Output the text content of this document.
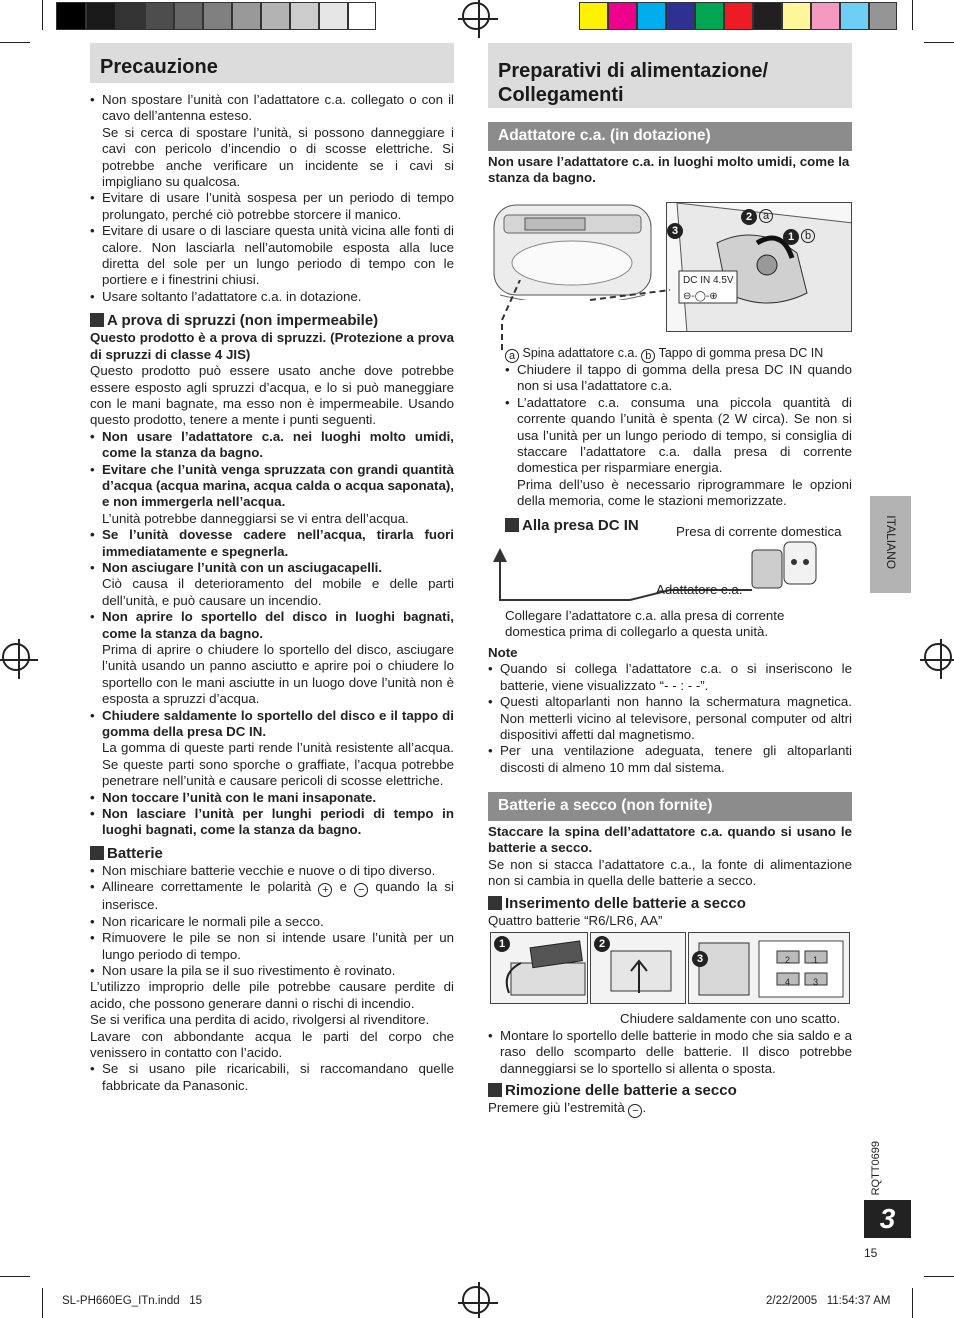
Precauzione
• Non spostare l’unità con l’adattatore c.a. collegato o con il cavo dell’antenna esteso.
Se si cerca di spostare l’unità, si possono danneggiare i cavi con pericolo d’incendio o di scosse elettriche. Si potrebbe anche verificare un incidente se i cavi si impigliano su qualcosa.
• Evitare di usare l’unità sospesa per un periodo di tempo prolungato, perché ciò potrebbe storcere il manico.
• Evitare di usare o di lasciare questa unità vicina alle fonti di calore. Non lasciarla nell’automobile esposta alla luce diretta del sole per un lungo periodo di tempo con le portiere e i finestrini chiusi.
• Usare soltanto l’adattatore c.a. in dotazione.
A prova di spruzzi (non impermeabile)

Questo prodotto è a prova di spruzzi. (Protezione a prova di spruzzi di classe 4 JIS)

Questo prodotto può essere usato anche dove potrebbe essere esposto agli spruzzi d’acqua, e lo si può maneggiare con le mani bagnate, ma esso non è impermeabile. Usando questo prodotto, tenere a mente i punti seguenti.

• Non usare l’adattatore c.a. nei luoghi molto umidi, come la stanza da bagno.
• Evitare che l’unità venga spruzzata con grandi quantità d’acqua (acqua marina, acqua calda o acqua saponata), e non immergerla nell’acqua.
L’unità potrebbe danneggiarsi se vi entra dell’acqua.
• Se l’unità dovesse cadere nell’acqua, tirarla fuori immediatamente e spegnerla.
• Non asciugare l’unità con un asciugacapelli.
Ciò causa il deterioramento del mobile e delle parti dell’unità, e può causare un incendio.
• Non aprire lo sportello del disco in luoghi bagnati, come la stanza da bagno.
Prima di aprire o chiudere lo sportello del disco, asciugare l’unità usando un panno asciutto e aprire poi o chiudere lo sportello con le mani asciutte in un luogo dove l’unità non è esposta a spruzzi d’acqua.
• Chiudere saldamente lo sportello del disco e il tappo di gomma della presa DC IN.
La gomma di queste parti rende l’unità resistente all’acqua. Se queste parti sono sporche o graffiate, l’acqua potrebbe penetrare nell’unità e causare pericoli di scosse elettriche.
• Non toccare l’unità con le mani insaponate.
• Non lasciare l’unità per lunghi periodi di tempo in luoghi bagnati, come la stanza da bagno.
Batterie
• Non mischiare batterie vecchie e nuove o di tipo diverso.
• Allineare correttamente le polarità + e − quando la si inserisce.
• Non ricaricare le normali pile a secco.
• Rimuovere le pile se non si intende usare l’unità per un lungo periodo di tempo.
• Non usare la pila se il suo rivestimento è rovinato.

L’utilizzo improprio delle pile potrebbe causare perdite di acido, che possono generare danni o rischi di incendio.

Se si verifica una perdita di acido, rivolgersi al rivenditore.

Lavare con abbondante acqua le parti del corpo che venissero in contatto con l’acido.

• Se si usano pile ricaricabili, si raccomandano quelle fabbricate da Panasonic.
Preparativi di alimentazione/ Collegamenti
Adattatore c.a. (in dotazione)

Non usare l’adattatore c.a. in luoghi molto umidi, come la stanza da bagno.

DC IN 4.5V
⊖-◯-⊕
2 a
3	1 b
a Spina adattatore c.a. b Tappo di gomma presa DC IN
• Chiudere il tappo di gomma della presa DC IN quando non si usa l’adattatore c.a.
• L’adattatore c.a. consuma una piccola quantità di corrente quando l’unità è spenta (2 W circa). Se non si usa l’unità per un lungo periodo di tempo, si consiglia di staccare l’adattatore c.a. dalla presa di corrente domestica per risparmiare energia.
Prima dell’uso è necessario riprogrammare le opzioni della memoria, come le stazioni memorizzate.
Alla presa DC IN	Presa di corrente domestica
Adattatore c.a.

Collegare l’adattatore c.a. alla presa di corrente domestica prima di collegarlo a questa unità.

Note

• Quando si collega l’adattatore c.a. o si inseriscono le batterie, viene visualizzato “- - : - -”.
• Questi altoparlanti non hanno la schermatura magnetica. Non metterli vicino al televisore, personal computer od altri dispositivi affetti dal magnetismo.
• Per una ventilazione adeguata, tenere gli altoparlanti discosti di almeno 10 mm dal sistema.
Batterie a secco (non fornite)

Staccare la spina dell’adattatore c.a. quando si usano le batterie a secco.

Se non si stacca l’adattatore c.a., la fonte di alimentazione non si cambia in quella delle batterie a secco.

Inserimento delle batterie a secco

Quattro batterie “R6/LR6, AA”

1	2
3	2	1
4	3
Chiudere saldamente con uno scatto.
• Montare lo sportello delle batterie in modo che sia saldo e a raso dello scomparto delle batterie. Il disco potrebbe danneggiarsi se lo sportello si allenta o sposta.
Rimozione delle batterie a secco

Premere giù l’estremità − .

ITALIANO
RQTT0699
3
15
SL-PH660EG_ITn.indd   15	2/22/2005   11:54:37 AM
